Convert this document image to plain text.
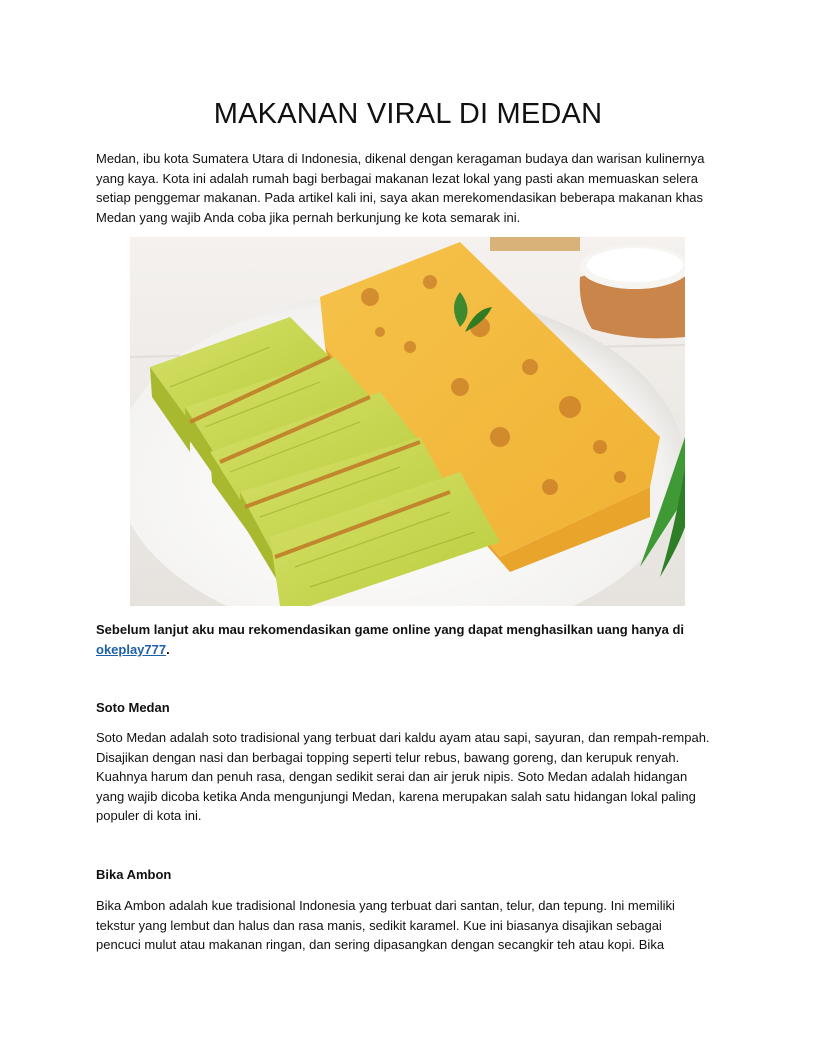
MAKANAN VIRAL DI MEDAN

Medan, ibu kota Sumatera Utara di Indonesia, dikenal dengan keragaman budaya dan warisan kulinernya yang kaya. Kota ini adalah rumah bagi berbagai makanan lezat lokal yang pasti akan memuaskan selera setiap penggemar makanan. Pada artikel kali ini, saya akan merekomendasikan beberapa makanan khas Medan yang wajib Anda coba jika pernah berkunjung ke kota semarak ini.

Sebelum lanjut aku mau rekomendasikan game online yang dapat menghasilkan uang hanya di okeplay777.

Soto Medan

Soto Medan adalah soto tradisional yang terbuat dari kaldu ayam atau sapi, sayuran, dan rempah-rempah. Disajikan dengan nasi dan berbagai topping seperti telur rebus, bawang goreng, dan kerupuk renyah. Kuahnya harum dan penuh rasa, dengan sedikit serai dan air jeruk nipis. Soto Medan adalah hidangan yang wajib dicoba ketika Anda mengunjungi Medan, karena merupakan salah satu hidangan lokal paling populer di kota ini.

Bika Ambon

Bika Ambon adalah kue tradisional Indonesia yang terbuat dari santan, telur, dan tepung. Ini memiliki tekstur yang lembut dan halus dan rasa manis, sedikit karamel. Kue ini biasanya disajikan sebagai pencuci mulut atau makanan ringan, dan sering dipasangkan dengan secangkir teh atau kopi. Bika
